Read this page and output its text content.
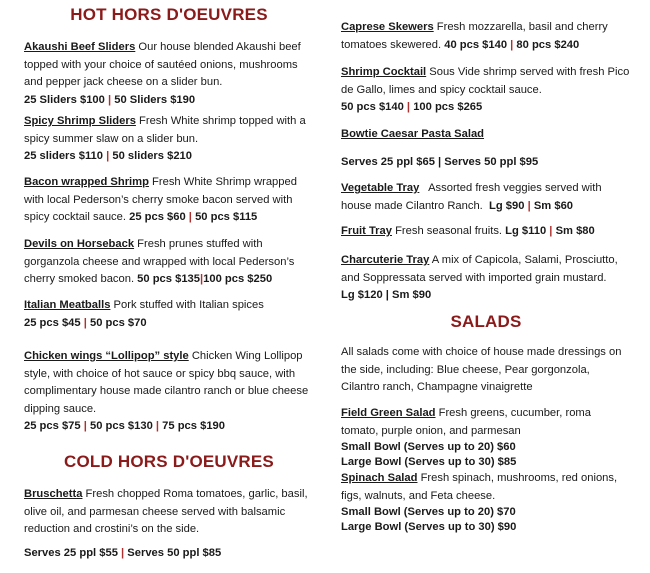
HOT HORS D'OEUVRES
Akaushi Beef Sliders Our house blended Akaushi beef topped with your choice of sautéed onions, mushrooms and pepper jack cheese on a slider bun.
25 Sliders $100 | 50 Sliders $190
Spicy Shrimp Sliders Fresh White shrimp topped with a spicy summer slaw on a slider bun.
25 sliders $110 | 50 sliders $210
Bacon wrapped Shrimp Fresh White Shrimp wrapped with local Pederson’s cherry smoke bacon served with spicy cocktail sauce. 25 pcs $60 | 50 pcs $115
Devils on Horseback Fresh prunes stuffed with gorganzola cheese and wrapped with local Pederson’s cherry smoked bacon. 50 pcs $135|100 pcs $250
Italian Meatballs Pork stuffed with Italian spices
25 pcs $45 | 50 pcs $70
Chicken wings “Lollipop” style Chicken Wing Lollipop style, with choice of hot sauce or spicy bbq sauce, with complimentary house made cilantro ranch or blue cheese dipping sauce.
25 pcs $75 | 50 pcs $130 | 75 pcs $190
COLD HORS D'OEUVRES
Bruschetta Fresh chopped Roma tomatoes, garlic, basil, olive oil, and parmesan cheese served with balsamic reduction and crostini’s on the side.
Serves 25 ppl $55 | Serves 50 ppl $85
Caprese Skewers Fresh mozzarella, basil and cherry tomatoes skewered. 40 pcs $140 | 80 pcs $240
Shrimp Cocktail Sous Vide shrimp served with fresh Pico de Gallo, limes and spicy cocktail sauce.
50 pcs $140 | 100 pcs $265
Bowtie Caesar Pasta Salad
Serves 25 ppl $65 | Serves 50 ppl $95
Vegetable Tray   Assorted fresh veggies served with house made Cilantro Ranch.  Lg $90 | Sm $60
Fruit Tray Fresh seasonal fruits. Lg $110 | Sm $80
Charcuterie Tray A mix of Capicola, Salami, Prosciutto, and Soppressata served with imported grain mustard.
Lg $120 | Sm $90
SALADS

All salads come with choice of house made dressings on the side, including: Blue cheese, Pear gorgonzola, Cilantro ranch, Champagne vinaigrette

Field Green Salad Fresh greens, cucumber, roma tomato, purple onion, and parmesan
Small Bowl (Serves up to 20) $60
Large Bowl (Serves up to 30) $85
Spinach Salad Fresh spinach, mushrooms, red onions, figs, walnuts, and Feta cheese.
Small Bowl (Serves up to 20) $70
Large Bowl (Serves up to 30) $90
